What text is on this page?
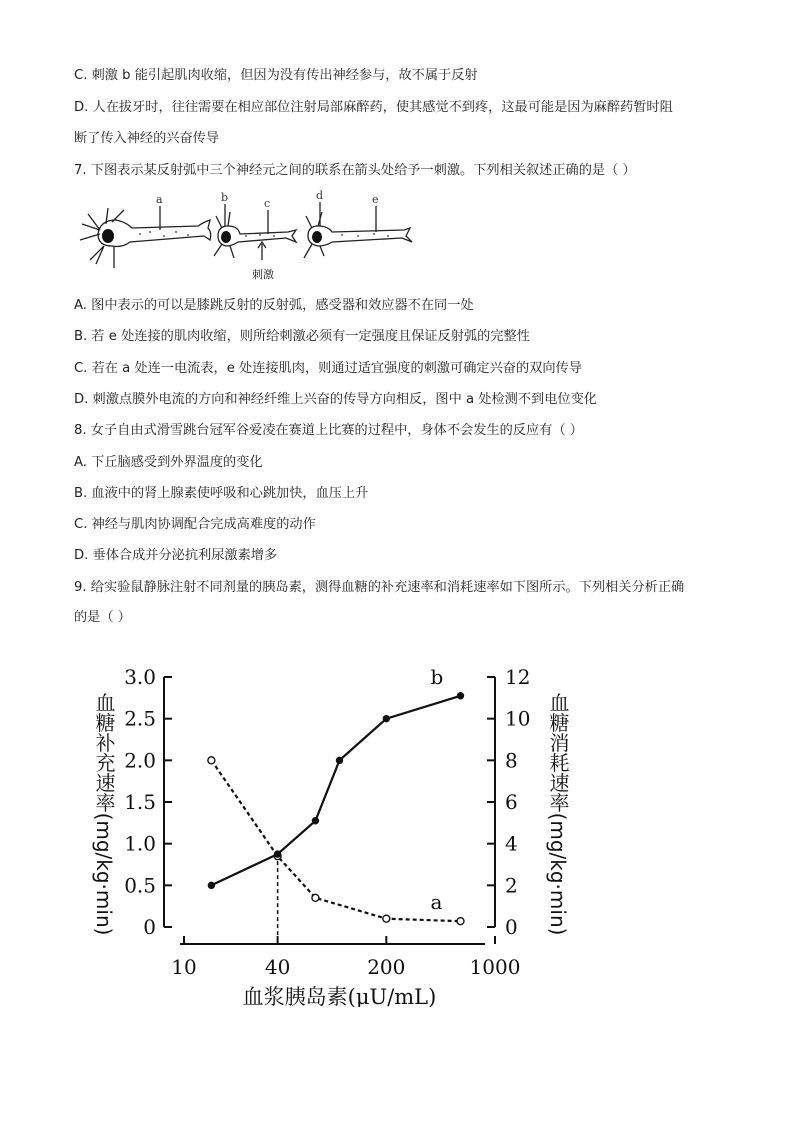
C. 刺激 b 能引起肌肉收缩，但因为没有传出神经参与，故不属于反射
D. 人在拔牙时，往往需要在相应部位注射局部麻醉药，使其感觉不到疼，这最可能是因为麻醉药暂时阻
断了传入神经的兴奋传导
7. 下图表示某反射弧中三个神经元之间的联系在箭头处给予一刺激。下列相关叙述正确的是（ ）
A. 图中表示的可以是膝跳反射的反射弧，感受器和效应器不在同一处
B. 若 e 处连接的肌肉收缩，则所给刺激必须有一定强度且保证反射弧的完整性
C. 若在 a 处连一电流表，e 处连接肌肉，则通过适宜强度的刺激可确定兴奋的双向传导
D. 刺激点膜外电流的方向和神经纤维上兴奋的传导方向相反，图中 a 处检测不到电位变化
8. 女子自由式滑雪跳台冠军谷爱凌在赛道上比赛的过程中，身体不会发生的反应有（ ）
A. 下丘脑感受到外界温度的变化
B. 血液中的肾上腺素使呼吸和心跳加快，血压上升
C. 神经与肌肉协调配合完成高难度的动作
D. 垂体合成并分泌抗利尿激素增多
9. 给实验鼠静脉注射不同剂量的胰岛素，测得血糖的补充速率和消耗速率如下图所示。下列相关分析正确
的是（ ）
a	b	c
d	e
刺激
0
0.5
1.0
1.5
2.0
2.5
3.0
0
2
4
6
8
10
12
10	40	200	1000
血浆胰岛素(μU/mL)
血糖补充速率(mg/kg·min)	血糖消耗速率(mg/kg·min)
a
b
